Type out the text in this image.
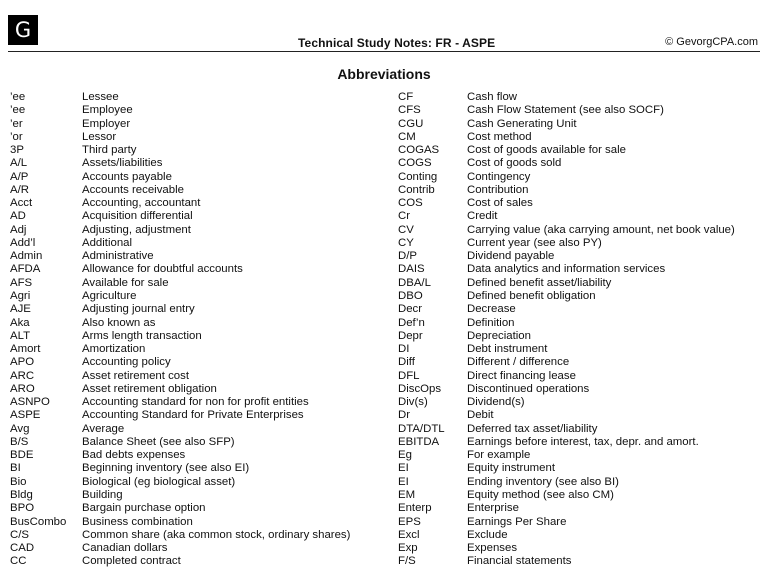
G
Technical Study Notes: FR - ASPE	© GevorgCPA.com
Abbreviations
’ee	Lessee
’ee	Employee
’er	Employer
’or	Lessor
3P	Third party
A/L	Assets/liabilities
A/P	Accounts payable
A/R	Accounts receivable
Acct	Accounting, accountant
AD	Acquisition differential
Adj	Adjusting, adjustment
Add’l	Additional
Admin	Administrative
AFDA	Allowance for doubtful accounts
AFS	Available for sale
Agri	Agriculture
AJE	Adjusting journal entry
Aka	Also known as
ALT	Arms length transaction
Amort	Amortization
APO	Accounting policy
ARC	Asset retirement cost
ARO	Asset retirement obligation
ASNPO	Accounting standard for non for profit entities
ASPE	Accounting Standard for Private Enterprises
Avg	Average
B/S	Balance Sheet (see also SFP)
BDE	Bad debts expenses
BI	Beginning inventory (see also EI)
Bio	Biological (eg biological asset)
Bldg	Building
BPO	Bargain purchase option
BusCombo	Business combination
C/S	Common share (aka common stock, ordinary shares)
CAD	Canadian dollars
CC	Completed contract
CF	Cash flow
CFS	Cash Flow Statement (see also SOCF)
CGU	Cash Generating Unit
CM	Cost method
COGAS	Cost of goods available for sale
COGS	Cost of goods sold
Conting	Contingency
Contrib	Contribution
COS	Cost of sales
Cr	Credit
CV	Carrying value (aka carrying amount, net book value)
CY	Current year (see also PY)
D/P	Dividend payable
DAIS	Data analytics and information services
DBA/L	Defined benefit asset/liability
DBO	Defined benefit obligation
Decr	Decrease
Def’n	Definition
Depr	Depreciation
DI	Debt instrument
Diff	Different / difference
DFL	Direct financing lease
DiscOps	Discontinued operations
Div(s)	Dividend(s)
Dr	Debit
DTA/DTL	Deferred tax asset/liability
EBITDA	Earnings before interest, tax, depr. and amort.
Eg	For example
EI	Equity instrument
EI	Ending inventory (see also BI)
EM	Equity method (see also CM)
Enterp	Enterprise
EPS	Earnings Per Share
Excl	Exclude
Exp	Expenses
F/S	Financial statements
